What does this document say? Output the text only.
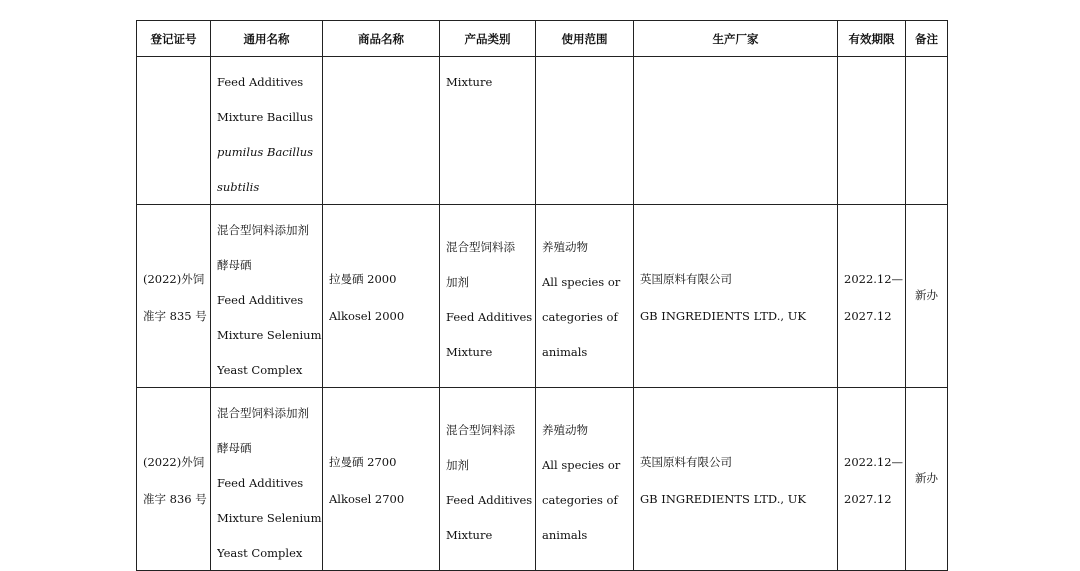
登记证号	通用名称	商品名称	产品类别	使用范围	生产厂家	有效期限	备注

	Feed Additives
Mixture Bacillus
pumilus Bacillus
subtilis		Mixture				

(2022)外饲
准字 835 号	混合型饲料添加剂
酵母硒
Feed Additives
Mixture Selenium
Yeast Complex	拉曼硒 2000
Alkosel 2000	混合型饲料添
加剂
Feed Additives
Mixture	养殖动物
All species or
categories of
animals	英国原料有限公司
GB INGREDIENTS LTD., UK	2022.12—
2027.12	新办

(2022)外饲
准字 836 号	混合型饲料添加剂
酵母硒
Feed Additives
Mixture Selenium
Yeast Complex	拉曼硒 2700
Alkosel 2700	混合型饲料添
加剂
Feed Additives
Mixture	养殖动物
All species or
categories of
animals	英国原料有限公司
GB INGREDIENTS LTD., UK	2022.12—
2027.12	新办
